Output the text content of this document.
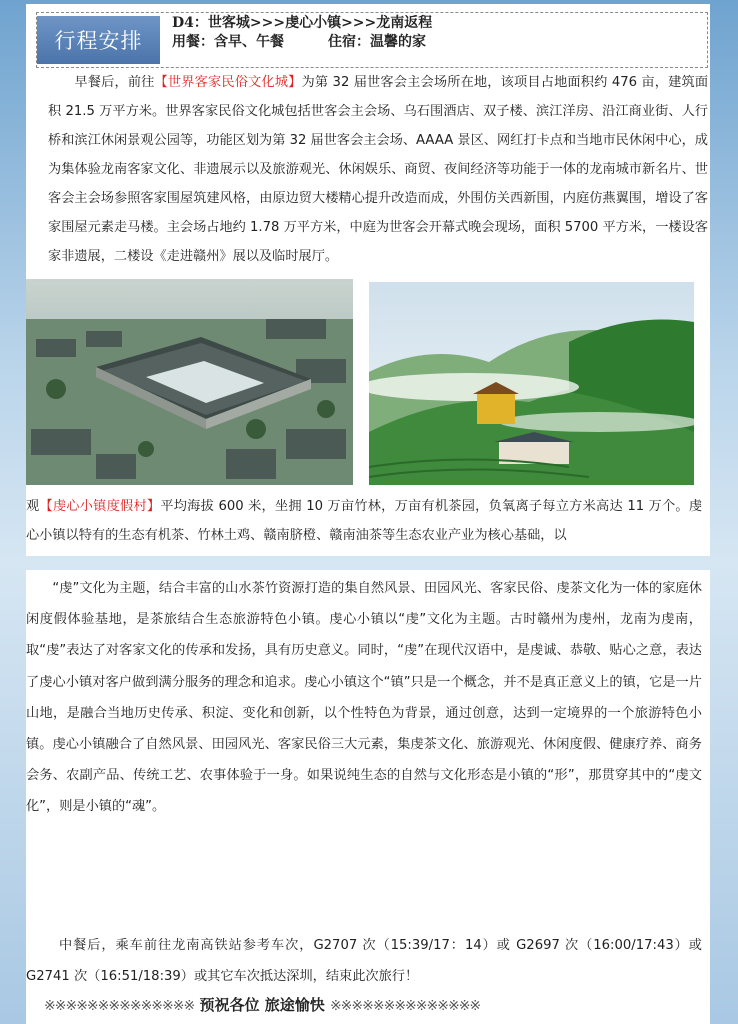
行程安排
D4：世客城>>>虔心小镇>>>龙南返程
用餐：含早、午餐	住宿：温馨的家
早餐后，前往【世界客家民俗文化城】为第 32 届世客会主会场所在地，该项目占地面积约 476 亩，建筑面积 21.5 万平方米。世界客家民俗文化城包括世客会主会场、乌石围酒店、双子楼、滨江洋房、沿江商业街、人行桥和滨江休闲景观公园等，功能区划为第 32 届世客会主会场、AAAA 景区、网红打卡点和当地市民休闲中心，成为集体验龙南客家文化、非遗展示以及旅游观光、休闲娱乐、商贸、夜间经济等功能于一体的龙南城市新名片、世客会主会场参照客家围屋筑建风格，由原边贸大楼精心提升改造而成，外围仿关西新围，内庭仿燕翼围，增设了客家围屋元素走马楼。主会场占地约 1.78 万平方米，中庭为世客会开幕式晚会现场，面积 5700 平方米，一楼设客家非遗展，二楼设《走进赣州》展以及临时展厅。
观【虔心小镇度假村】平均海拔 600 米，坐拥 10 万亩竹林，万亩有机茶园，负氧离子每立方米高达 11 万个。虔心小镇以特有的生态有机茶、竹林土鸡、赣南脐橙、赣南油茶等生态农业产业为核心基础，以
“虔”文化为主题，结合丰富的山水茶竹资源打造的集自然风景、田园风光、客家民俗、虔茶文化为一体的家庭休闲度假体验基地，是茶旅结合生态旅游特色小镇。虔心小镇以“虔”文化为主题。古时赣州为虔州，龙南为虔南，取“虔”表达了对客家文化的传承和发扬，具有历史意义。同时，“虔”在现代汉语中，是虔诚、恭敬、贴心之意，表达了虔心小镇对客户做到满分服务的理念和追求。虔心小镇这个“镇”只是一个概念，并不是真正意义上的镇，它是一片山地，是融合当地历史传承、积淀、变化和创新，以个性特色为背景，通过创意，达到一定境界的一个旅游特色小镇。虔心小镇融合了自然风景、田园风光、客家民俗三大元素，集虔茶文化、旅游观光、休闲度假、健康疗养、商务会务、农副产品、传统工艺、农事体验于一身。如果说纯生态的自然与文化形态是小镇的“形”，那贯穿其中的“虔文化”，则是小镇的“魂”。
中餐后，乘车前往龙南高铁站参考车次，G2707 次（15:39/17：14）或 G2697 次（16:00/17:43）或 G2741 次（16:51/18:39）或其它车次抵达深圳，结束此次旅行！
※※※※※※※※※※※※※※ 预祝各位 旅途愉快 ※※※※※※※※※※※※※※
